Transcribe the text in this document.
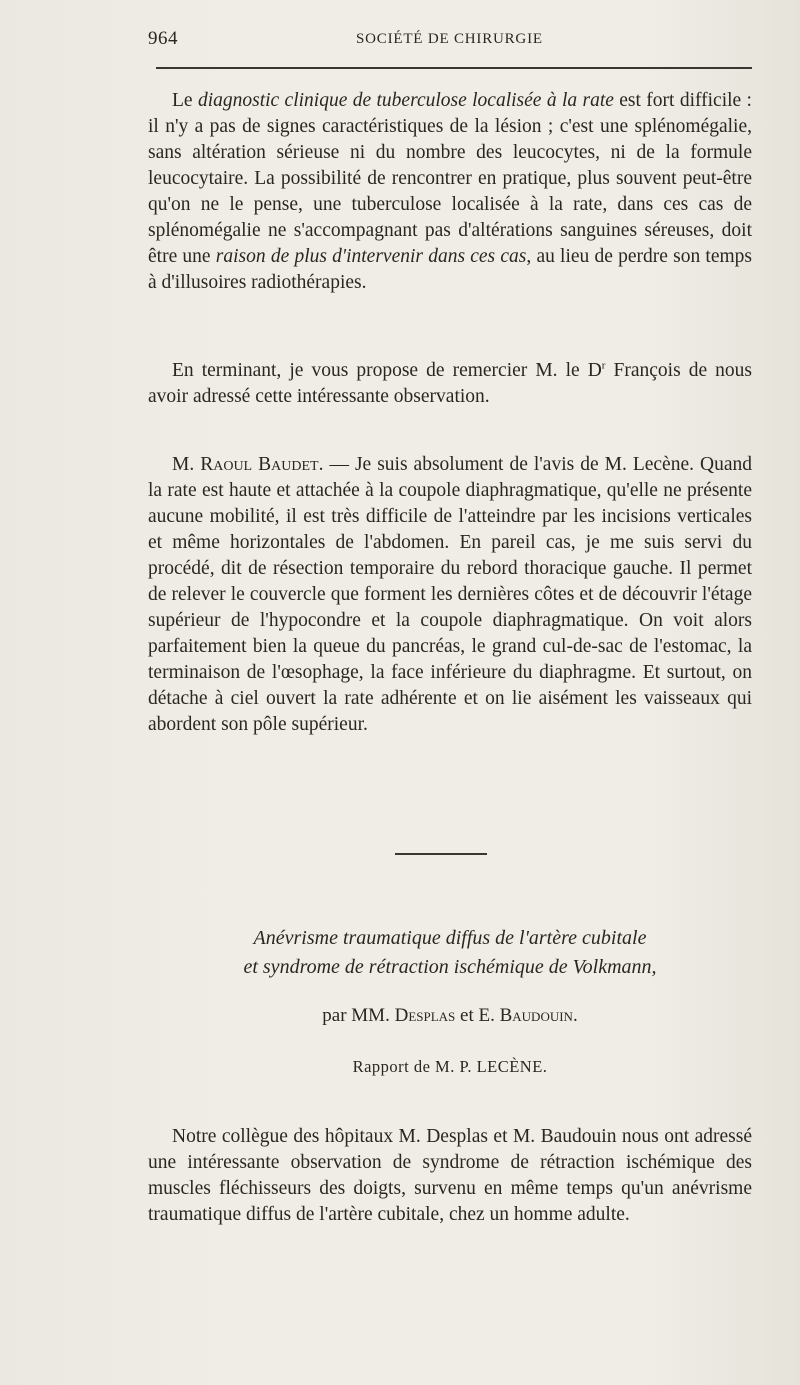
964	SOCIÉTÉ DE CHIRURGIE

Le diagnostic clinique de tuberculose localisée à la rate est fort difficile : il n'y a pas de signes caractéristiques de la lésion ; c'est une splénomégalie, sans altération sérieuse ni du nombre des leucocytes, ni de la formule leucocytaire. La possibilité de rencontrer en pratique, plus souvent peut-être qu'on ne le pense, une tuberculose localisée à la rate, dans ces cas de splénomégalie ne s'accompagnant pas d'altérations sanguines séreuses, doit être une raison de plus d'intervenir dans ces cas, au lieu de perdre son temps à d'illusoires radiothérapies.

En terminant, je vous propose de remercier M. le $D^r$ François de nous avoir adressé cette intéressante observation.

M. Raoul Baudet. — Je suis absolument de l'avis de M. Lecène. Quand la rate est haute et attachée à la coupole diaphragmatique, qu'elle ne présente aucune mobilité, il est très difficile de l'atteindre par les incisions verticales et même horizontales de l'abdomen. En pareil cas, je me suis servi du procédé, dit de résection temporaire du rebord thoracique gauche. Il permet de relever le couvercle que forment les dernières côtes et de découvrir l'étage supérieur de l'hypocondre et la coupole diaphragmatique. On voit alors parfaitement bien la queue du pancréas, le grand cul-de-sac de l'estomac, la terminaison de l'œsophage, la face inférieure du diaphragme. Et surtout, on détache à ciel ouvert la rate adhérente et on lie aisément les vaisseaux qui abordent son pôle supérieur.

Anévrisme traumatique diffus de l'artère cubitale
et syndrome de rétraction ischémique de Volkmann,
par MM. Desplas et E. Baudouin.
Rapport de M. P. LECÈNE.

Notre collègue des hôpitaux M. Desplas et M. Baudouin nous ont adressé une intéressante observation de syndrome de rétraction ischémique des muscles fléchisseurs des doigts, survenu en même temps qu'un anévrisme traumatique diffus de l'artère cubitale, chez un homme adulte.
